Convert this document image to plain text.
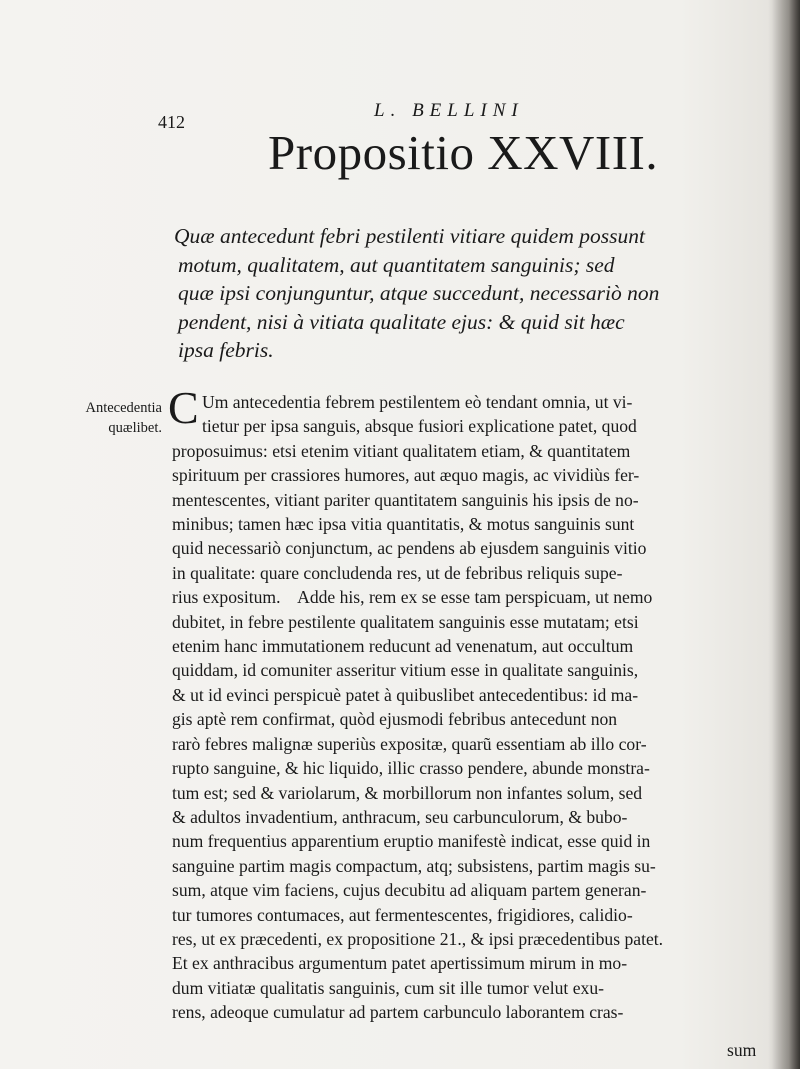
412
L. BELLINI
Propositio XXVIII.

Quæ antecedunt febri pestilenti vitiare quidem possunt
motum, qualitatem, aut quantitatem sanguinis; sed
quæ ipsi conjunguntur, atque succedunt, necessariò non
pendent, nisi à vitiata qualitate ejus: & quid sit hæc
ipsa febris.

Antecedentia
quælibet. C Um antecedentia febrem pestilentem eò tendant omnia, ut vi-
tietur per ipsa sanguis, absque fusiori explicatione patet, quod
proposuimus: etsi etenim vitiant qualitatem etiam, & quantitatem
spirituum per crassiores humores, aut æquo magis, ac vividiùs fer-
mentescentes, vitiant pariter quantitatem sanguinis his ipsis de no-
minibus; tamen hæc ipsa vitia quantitatis, & motus sanguinis sunt
quid necessariò conjunctum, ac pendens ab ejusdem sanguinis vitio
in qualitate: quare concludenda res, ut de febribus reliquis supe-
rius expositum.    Adde his, rem ex se esse tam perspicuam, ut nemo
dubitet, in febre pestilente qualitatem sanguinis esse mutatam; etsi
etenim hanc immutationem reducunt ad venenatum, aut occultum
quiddam, id comuniter asseritur vitium esse in qualitate sanguinis,
& ut id evinci perspicuè patet à quibuslibet antecedentibus: id ma-
gis aptè rem confirmat, quòd ejusmodi febribus antecedunt non
rarò febres malignæ superiùs expositæ, quarũ essentiam ab illo cor-
rupto sanguine, & hic liquido, illic crasso pendere, abunde monstra-
tum est; sed & variolarum, & morbillorum non infantes solum, sed
& adultos invadentium, anthracum, seu carbunculorum, & bubo-
num frequentius apparentium eruptio manifestè indicat, esse quid in
sanguine partim magis compactum, atq; subsistens, partim magis su-
sum, atque vim faciens, cujus decubitu ad aliquam partem generan-
tur tumores contumaces, aut fermentescentes, frigidiores, calidio-
res, ut ex præcedenti, ex propositione 21., & ipsi præcedentibus patet.
Et ex anthracibus argumentum patet apertissimum mirum in mo-
dum vitiatæ qualitatis sanguinis, cum sit ille tumor velut exu-
rens, adeoque cumulatur ad partem carbunculo laborantem cras-

sum
